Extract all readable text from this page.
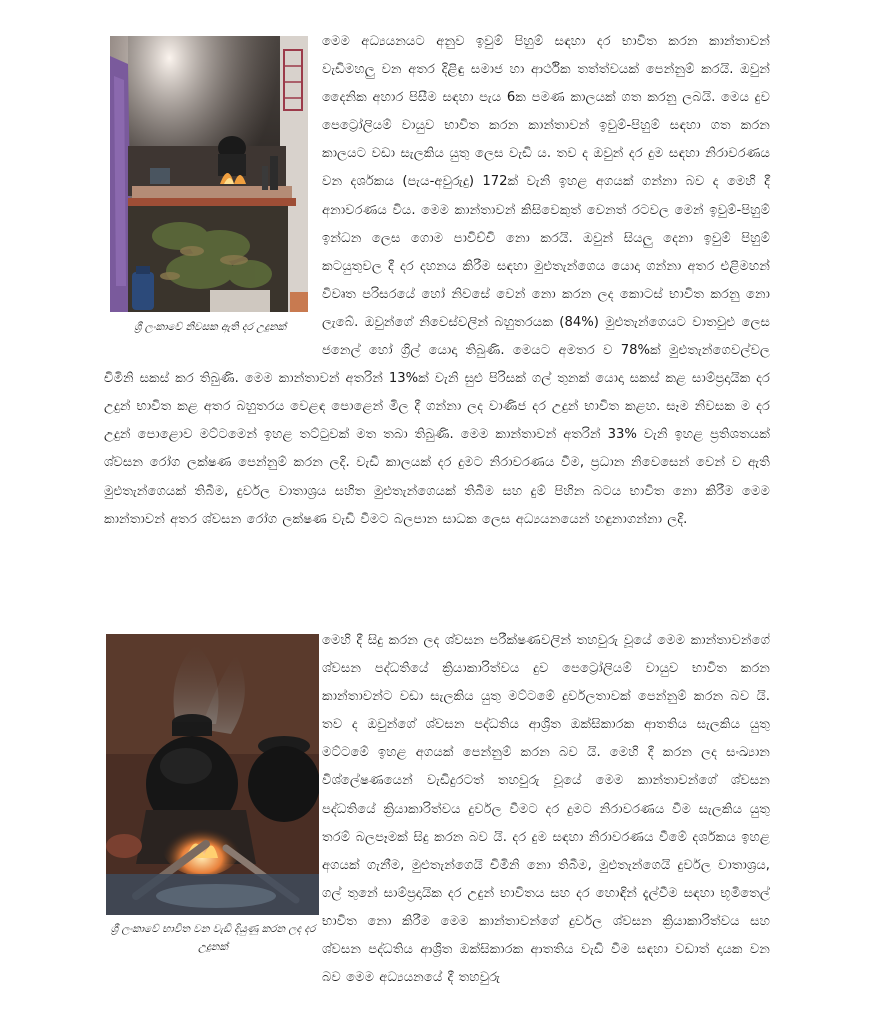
ශ්‍රී ලංකාවේ නිවසක ඇති දර උදුනක්

ශ්‍රී ලංකාවේ භාවිත වන වැඩි දියුණු කරන ලද දර උදුනක්

මෙම අධ්‍යයනයට අනුව ඉවුම් පිහුම් සඳහා දර භාවිත කරන කාන්තාවන් වැඩිමහලු වන අතර දිළිඳු සමාජ හා ආර්ථික තත්ත්වයක් පෙන්නුම් කරයි. ඔවුන් දෛනික අහාර පිසීම සඳහා පැය 6ක පමණ කාලයක් ගත කරනු ලබයි. මෙය දුව පෙට්‍රෝලියම් වායුව භාවිත කරන කාන්තාවන් ඉවුම්-පිහුම් සඳහා ගත කරන කාලයට වඩා සැලකිය යුතු ලෙස වැඩි ය. තව ද ඔවුන් දර දුම සඳහා නිරාවරණය වන දර්ශකය (පැය-අවුරුදු) 172ක් වැනි ඉහළ අගයක් ගන්නා බව ද මෙහි දී අනාවරණය විය. මෙම කාන්තාවන් කිසිවෙකුත් වෙනත් රටවල මෙන් ඉවුම්-පිහුම් ඉන්ධන ලෙස ගොම පාවිච්චි නො කරයි. ඔවුන් සියලු දෙනා ඉවුම් පිහුම් කටයුතුවල දී දර දහනය කිරීම සඳහා මුළුතැන්ගෙය යොදා ගන්නා අතර එළිමහන් විවෘත පරිසරයේ හෝ නිවසේ වෙන් නො කරන ලද කොටස් භාවිත කරනු නො ලැබේ. ඔවුන්ගේ නිවෙස්වලින් බහුතරයක (84%) මුළුතැන්ගෙයට වාතවුළු ලෙස ජනෙල් හෝ ග්‍රිල් යොදා තිබුණි. මෙයට අමතර ව 78%ක් මුළුතැන්ගෙවල්වල චිමිනි සකස් කර තිබුණි. මෙම කාන්තාවන් අතරින් 13%ක් වැනි සුළු පිරිසක් ගල් තුනක් යොදා සකස් කළ සාම්ප්‍රදායික දර උදුන් භාවිත කළ අතර බහුතරය වෙළඳ පොළෙන් මිල දී ගන්නා ලද වාණිජ දර උදුන් භාවිත කළහ. සෑම නිවසක ම දර උදුන් පොළොව මට්ටමෙන් ඉහළ තට්ටුවක් මත තබා තිබුණි. මෙම කාන්තාවන් අතරින් 33% වැනි ඉහළ ප්‍රතිශතයක් ශ්වසන රෝග ලක්ෂණ පෙන්නුම් කරන ලදි. වැඩි කාලයක් දර දුමට නිරාවරණය වීම, ප්‍රධාන නිවෙසෙන් වෙන් ව ඇති මුළුතැන්ගෙයක් තිබීම, දුර්වල වාතාශ්‍රය සහිත මුළුතැන්ගෙයක් තිබීම සහ දුම් පිහින බටය භාවිත නො කිරීම මෙම කාන්තාවන් අතර ශ්වසන රෝග ලක්ෂණ වැඩි වීමට බලපාන සාධක ලෙස අධ්‍යයනයෙන් හඳුනාගන්නා ලදි.

මෙහි දී සිදු කරන ලද ශ්වසන පරීක්ෂණවලින් තහවුරු වූයේ මෙම කාන්තාවන්ගේ ශ්වසන පද්ධතියේ ක්‍රියාකාරිත්වය දුව පෙට්‍රෝලියම් වායුව භාවිත කරන කාන්තාවන්ට වඩා සැලකිය යුතු මට්ටමේ දුර්වලතාවක් පෙන්නුම් කරන බව යි. තව ද ඔවුන්ගේ ශ්වසන පද්ධතිය ආශ්‍රිත ඔක්සිකාරක ආතතිය සැලකිය යුතු මට්ටමේ ඉහළ අගයක් පෙන්නුම් කරන බව යි. මෙහි දී කරන ලද සංඛ්‍යාන විශ්ලේෂණයෙන් වැඩිදුරටත් තහවුරු වූයේ මෙම කාන්තාවන්ගේ ශ්වසන පද්ධතියේ ක්‍රියාකාරිත්වය දුර්වල වීමට දර දුමට නිරාවරණය වීම සැලකිය යුතු තරම් බලපෑමක් සිදු කරන බව යි. දර දුම සඳහා නිරාවරණය වීමේ දර්ශකය ඉහළ අගයක් ගැනීම, මුළුතැන්ගෙයි චිමිනි නො තිබීම, මුළුතැන්ගෙයි දුර්වල වාතාශ්‍රය, ගල් තුනේ සාම්ප්‍රදායික දර උදුන් භාවිතය සහ දර හොඳින් දැල්වීම සඳහා භූමිතෙල් භාවිත නො කිරීම මෙම කාන්තාවන්ගේ දුර්වල ශ්වසන ක්‍රියාකාරිත්වය සහ ශ්වසන පද්ධතිය ආශ්‍රිත ඔක්සිකාරක ආතතිය වැඩි වීම සඳහා වඩාත් දායක වන බව මෙම අධ්‍යයනයේ දී තහවුරු
